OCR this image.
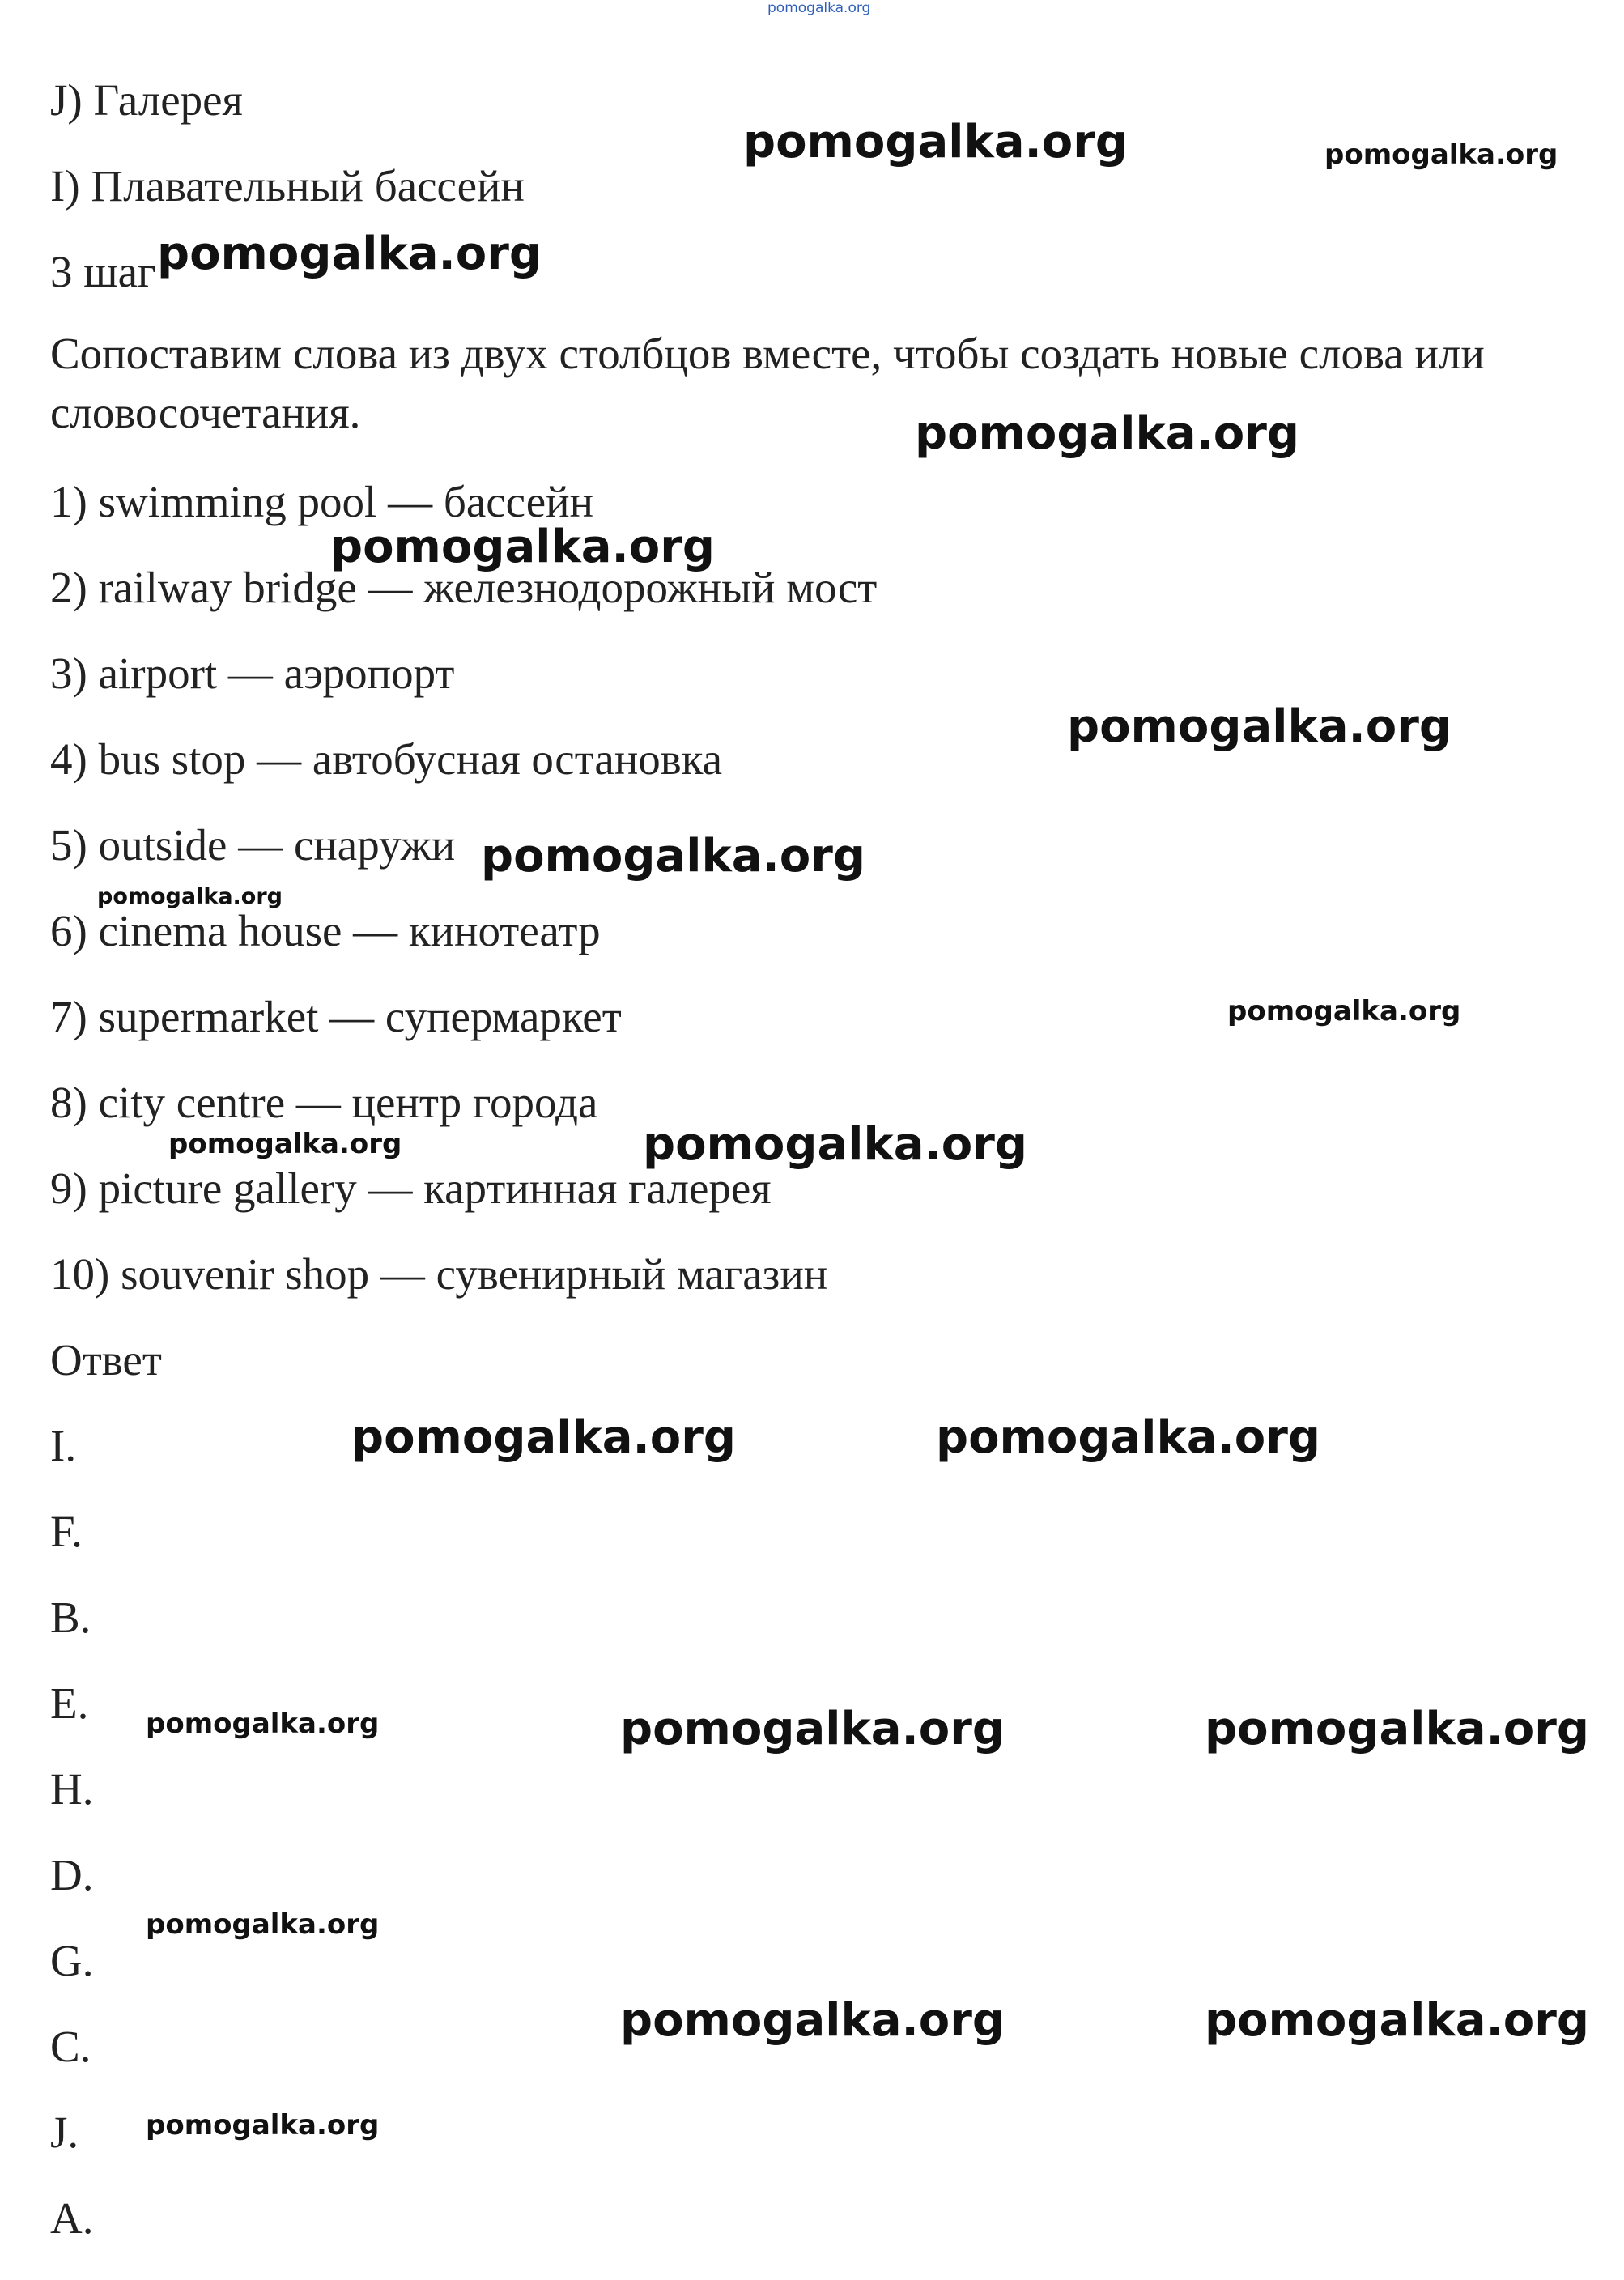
J) Галерея
I) Плавательный бассейн
3 шаг
Сопоставим слова из двух столбцов вместе, чтобы создать новые слова или словосочетания.
1) swimming pool — бассейн
2) railway bridge — железнодорожный мост
3) airport — аэропорт
4) bus stop — автобусная остановка
5) outside — снаружи
6) cinema house — кинотеатр
7) supermarket — супермаркет
8) city centre — центр города
9) picture gallery — картинная галерея
10) souvenir shop — сувенирный магазин
Ответ
I.
F.
B.
E.
H.
D.
G.
C.
J.
A.
pomogalka.org
pomogalka.org	pomogalka.org
pomogalka.org
pomogalka.org
pomogalka.org
pomogalka.org
pomogalka.org
pomogalka.org
pomogalka.org
pomogalka.org	pomogalka.org
pomogalka.org	pomogalka.org
pomogalka.org	pomogalka.org	pomogalka.org
pomogalka.org
pomogalka.org	pomogalka.org
pomogalka.org
